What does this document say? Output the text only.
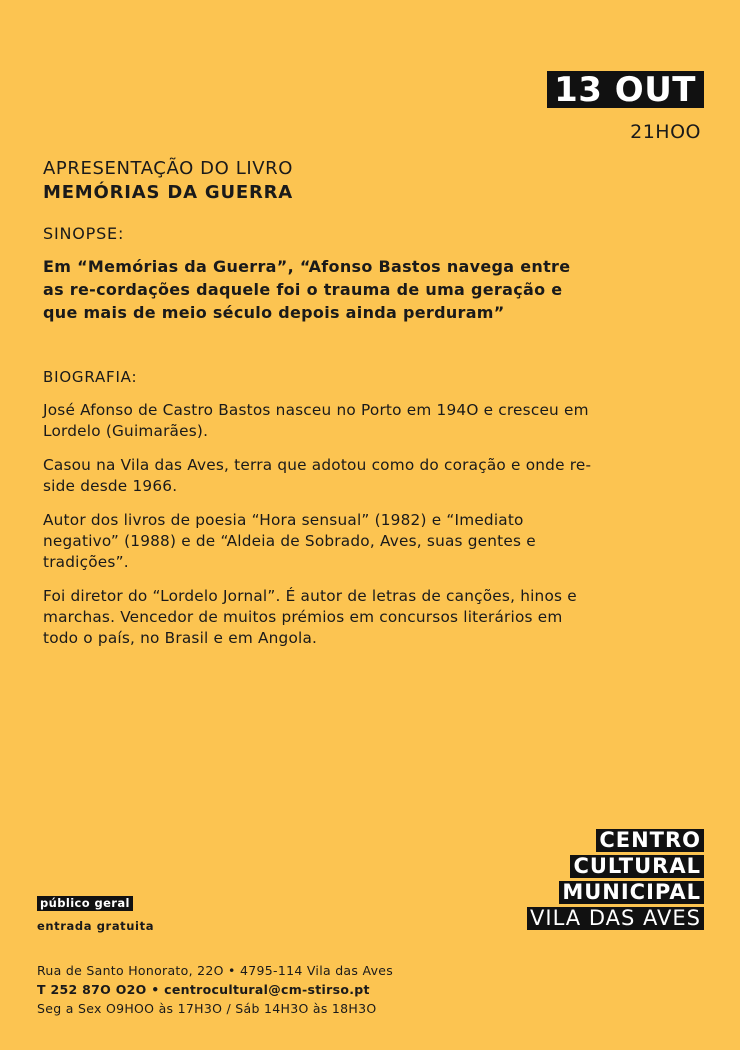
13 OUT
21HOO

APRESENTAÇÃO DO LIVRO

MEMÓRIAS DA GUERRA

SINOPSE:
Em “Memórias da Guerra”, “Afonso Bastos navega entre as re-cordações daquele foi o trauma de uma geração e que mais de meio século depois ainda perduram”
BIOGRAFIA:

José Afonso de Castro Bastos nasceu no Porto em 194O e cresceu em Lordelo (Guimarães).

Casou na Vila das Aves, terra que adotou como do coração e onde re-side desde 1966.

Autor dos livros de poesia “Hora sensual” (1982) e “Imediato negativo” (1988) e de “Aldeia de Sobrado, Aves, suas gentes e tradições”.

Foi diretor do “Lordelo Jornal”. É autor de letras de canções, hinos e marchas. Vencedor de muitos prémios em concursos literários em todo o país, no Brasil e em Angola.

CENTRO
CULTURAL
MUNICIPAL
VILA DAS AVES
público geral
entrada gratuita
Rua de Santo Honorato, 22O • 4795-114 Vila das Aves
T 252 87O O2O • centrocultural@cm-stirso.pt
Seg a Sex O9HOO às 17H3O / Sáb 14H3O às 18H3O
